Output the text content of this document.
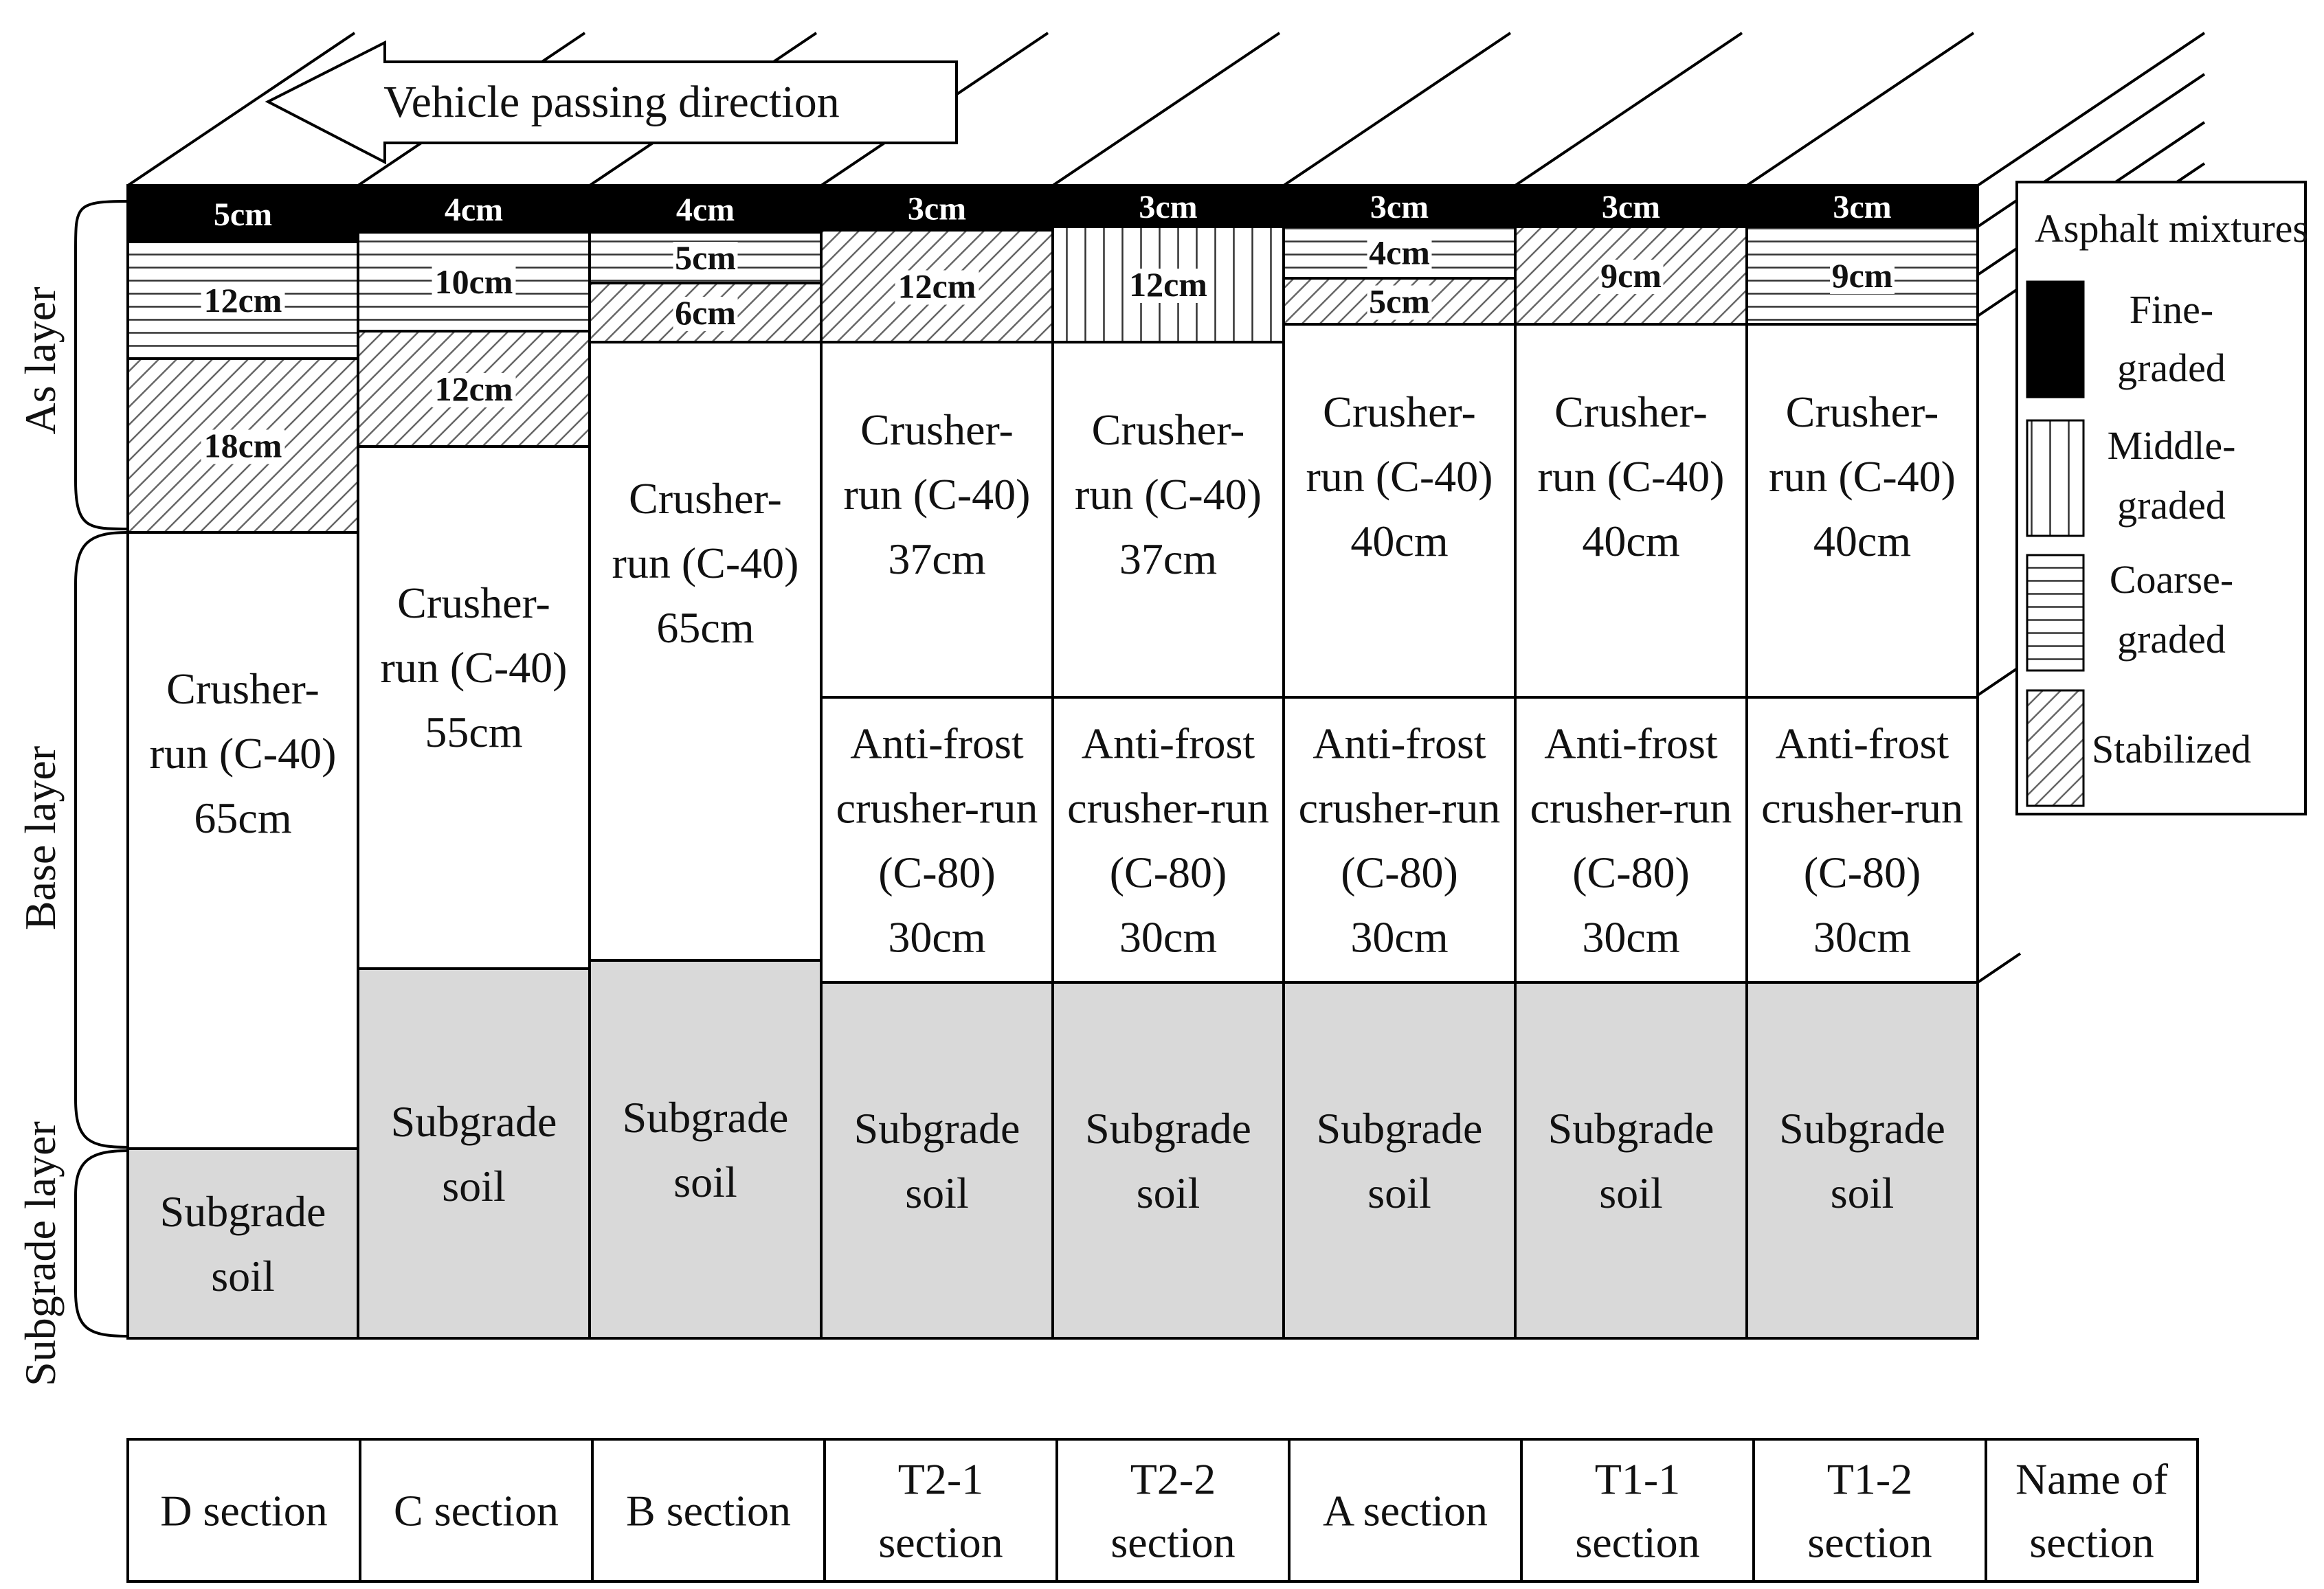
Vehicle passing direction
5cm
12cm
18cm
Crusher-
run (C-40)
65cm
Subgrade
soil
4cm
10cm
12cm
Crusher-
run (C-40)
55cm
Subgrade
soil
4cm
5cm
6cm
Crusher-
run (C-40)
65cm
Subgrade
soil
3cm
12cm
Crusher-
run (C-40)
37cm
Anti-frost
crusher-run
(C-80)
30cm
Subgrade
soil
3cm
12cm
Crusher-
run (C-40)
37cm
Anti-frost
crusher-run
(C-80)
30cm
Subgrade
soil
3cm
4cm
5cm
Crusher-
run (C-40)
40cm
Anti-frost
crusher-run
(C-80)
30cm
Subgrade
soil
3cm
9cm
Crusher-
run (C-40)
40cm
Anti-frost
crusher-run
(C-80)
30cm
Subgrade
soil
3cm
9cm
Crusher-
run (C-40)
40cm
Anti-frost
crusher-run
(C-80)
30cm
Subgrade
soil
As layer
Base layer
Subgrade layer
Asphalt mixtures
Fine-
graded
Middle-
graded
Coarse-
graded
Stabilized
D section C section B section
T2-1
section
T2-2
section
A section
T1-1
section
T1-2
section
Name of
section
